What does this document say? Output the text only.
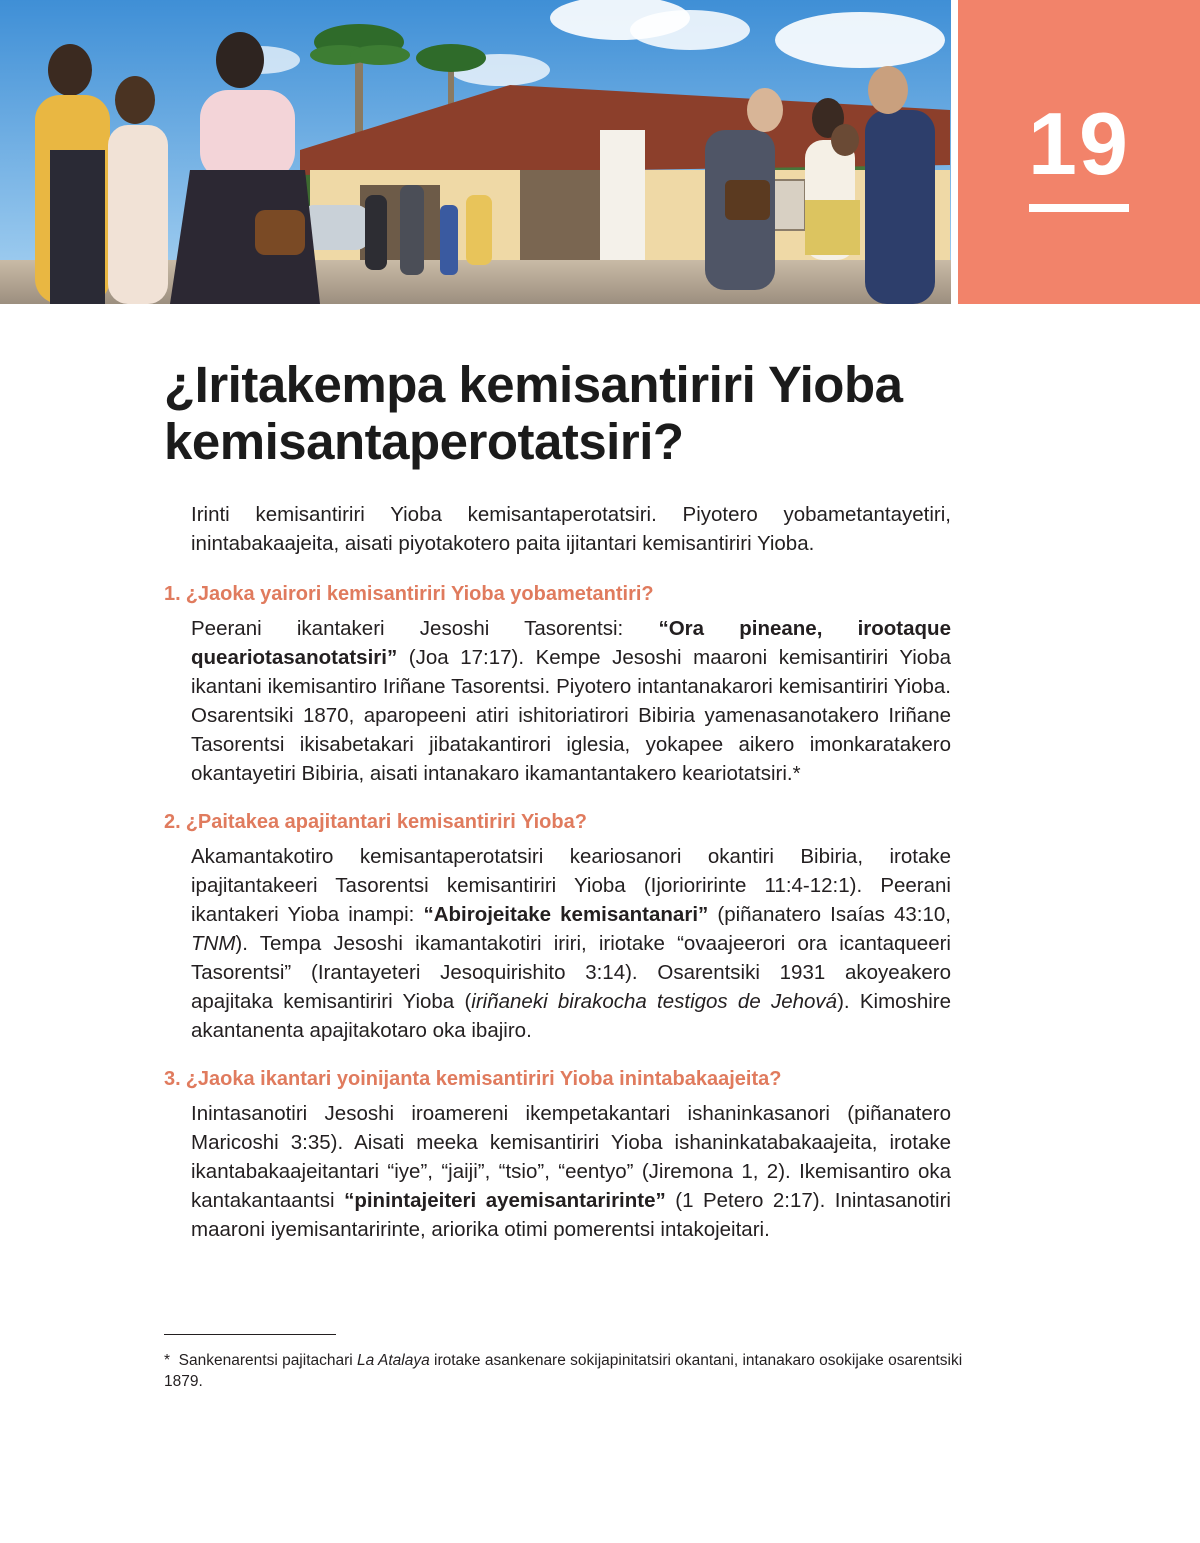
19
¿Iritakempa kemisantiriri Yioba
kemisantaperotatsiri?

Irinti kemisantiriri Yioba kemisantaperotatsiri. Piyotero yobametantayetiri, inintabakaajeita, aisati piyotakotero paita ijitantari kemisantiriri Yioba.

1. ¿Jaoka yairori kemisantiriri Yioba yobametantiri?

Peerani ikantakeri Jesoshi Tasorentsi: “Ora pineane, irootaque queariotasanotatsiri” (Joa 17:17). Kempe Jesoshi maaroni kemisantiriri Yioba ikantani ikemisantiro Iriñane Tasorentsi. Piyotero intantanakarori kemisantiriri Yioba. Osarentsiki 1870, aparopeeni atiri ishitoriatirori Bibiria yamenasanotakero Iriñane Tasorentsi ikisabetakari jibatakantirori iglesia, yokapee aikero imonkaratakero okantayetiri Bibiria, aisati intanakaro ikamantantakero keariotatsiri.*

2. ¿Paitakea apajitantari kemisantiriri Yioba?

Akamantakotiro kemisantaperotatsiri keariosanori okantiri Bibiria, irotake ipajitantakeeri Tasorentsi kemisantiriri Yioba (Ijorioririnte 11:4-12:1). Peerani ikantakeri Yioba inampi: “Abirojeitake kemisantanari” (piñanatero Isaías 43:10, TNM). Tempa Jesoshi ikamantakotiri iriri, iriotake “ovaajeerori ora icantaqueeri Tasorentsi” (Irantayeteri Jesoquirishito 3:14). Osarentsiki 1931 akoyeakero apajitaka kemisantiriri Yioba (iriñaneki birakocha testigos de Jehová). Kimoshire akantanenta apajitakotaro oka ibajiro.

3. ¿Jaoka ikantari yoinijanta kemisantiriri Yioba inintabakaajeita?

Inintasanotiri Jesoshi iroamereni ikempetakantari ishaninkasanori (piñanatero Maricoshi 3:35). Aisati meeka kemisantiriri Yioba ishaninkatabakaajeita, irotake ikantabakaajeitantari “iye”, “jaiji”, “tsio”, “eentyo” (Jiremona 1, 2). Ikemisantiro oka kantakantaantsi “pinintajeiteri ayemisantaririnte” (1 Petero 2:17). Inintasanotiri maaroni iyemisantaririnte, ariorika otimi pomerentsi intakojeitari.

* Sankenarentsi pajitachari La Atalaya irotake asankenare sokijapinitatsiri okantani, intanakaro osokijake osarentsiki 1879.
